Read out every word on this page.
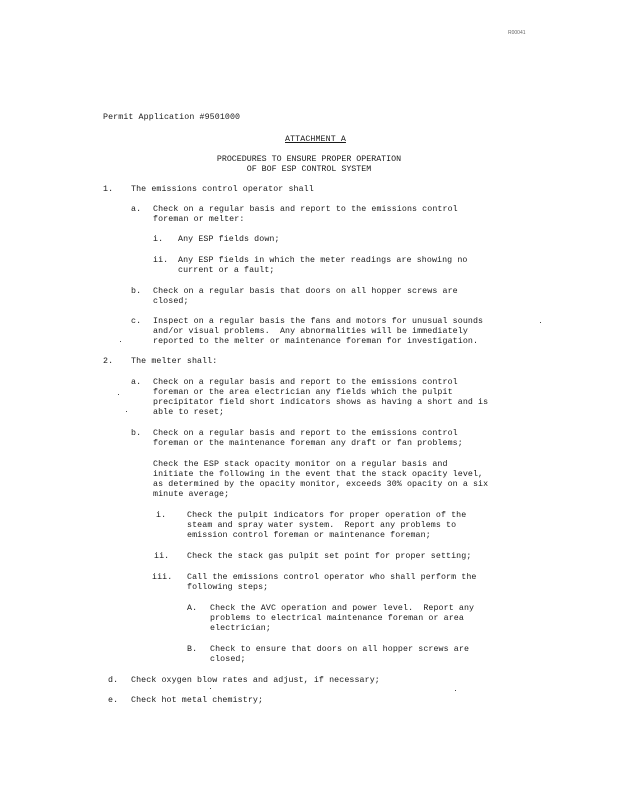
R00041
Permit Application #9501000
ATTACHMENT A
PROCEDURES TO ENSURE PROPER OPERATION
OF BOF ESP CONTROL SYSTEM
1. The emissions control operator shall
a. Check on a regular basis and report to the emissions control
foreman or melter:
i. Any ESP fields down;
ii. Any ESP fields in which the meter readings are showing no
current or a fault;
b. Check on a regular basis that doors on all hopper screws are
closed;
c. Inspect on a regular basis the fans and motors for unusual sounds
and/or visual problems.  Any abnormalities will be immediately
reported to the melter or maintenance foreman for investigation.
2. The melter shall:
a. Check on a regular basis and report to the emissions control
foreman or the area electrician any fields which the pulpit
precipitator field short indicators shows as having a short and is
able to reset;
b. Check on a regular basis and report to the emissions control
foreman or the maintenance foreman any draft or fan problems;
Check the ESP stack opacity monitor on a regular basis and
initiate the following in the event that the stack opacity level,
as determined by the opacity monitor, exceeds 30% opacity on a six
minute average;
i.	Check the pulpit indicators for proper operation of the
steam and spray water system.  Report any problems to
emission control foreman or maintenance foreman;
ii. Check the stack gas pulpit set point for proper setting;
iii. Call the emissions control operator who shall perform the
following steps;
A. Check the AVC operation and power level.  Report any
problems to electrical maintenance foreman or area
electrician;
B. Check to ensure that doors on all hopper screws are
closed;
d. Check oxygen blow rates and adjust, if necessary;
e. Check hot metal chemistry;
